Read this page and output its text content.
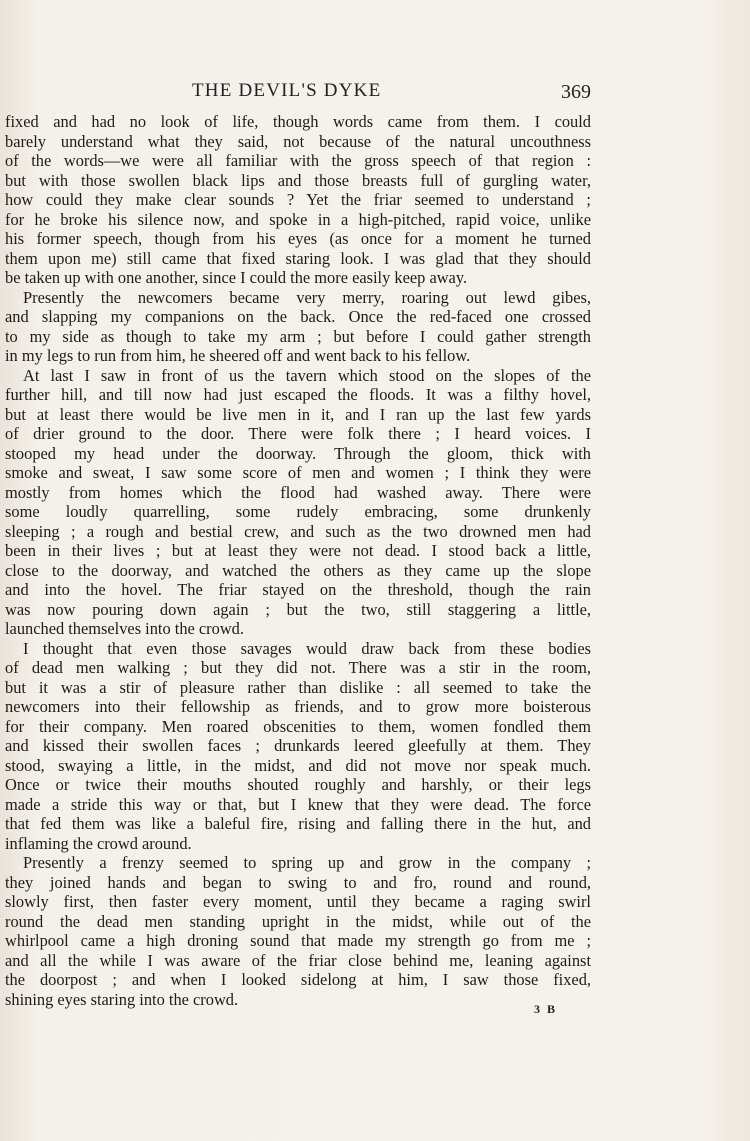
THE DEVIL'S DYKE	369
fixed and had no look of life, though words came from them. I could
barely understand what they said, not because of the natural uncouthness
of the words—we were all familiar with the gross speech of that region :
but with those swollen black lips and those breasts full of gurgling water,
how could they make clear sounds ? Yet the friar seemed to understand ;
for he broke his silence now, and spoke in a high-pitched, rapid voice, unlike
his former speech, though from his eyes (as once for a moment he turned
them upon me) still came that fixed staring look. I was glad that they should
be taken up with one another, since I could the more easily keep away.
Presently the newcomers became very merry, roaring out lewd gibes,
and slapping my companions on the back. Once the red-faced one crossed
to my side as though to take my arm ; but before I could gather strength
in my legs to run from him, he sheered off and went back to his fellow.
At last I saw in front of us the tavern which stood on the slopes of the
further hill, and till now had just escaped the floods. It was a filthy hovel,
but at least there would be live men in it, and I ran up the last few yards
of drier ground to the door. There were folk there ; I heard voices. I
stooped my head under the doorway. Through the gloom, thick with
smoke and sweat, I saw some score of men and women ; I think they were
mostly from homes which the flood had washed away. There were
some loudly quarrelling, some rudely embracing, some drunkenly
sleeping ; a rough and bestial crew, and such as the two drowned men had
been in their lives ; but at least they were not dead. I stood back a little,
close to the doorway, and watched the others as they came up the slope
and into the hovel. The friar stayed on the threshold, though the rain
was now pouring down again ; but the two, still staggering a little,
launched themselves into the crowd.
I thought that even those savages would draw back from these bodies
of dead men walking ; but they did not. There was a stir in the room,
but it was a stir of pleasure rather than dislike : all seemed to take the
newcomers into their fellowship as friends, and to grow more boisterous
for their company. Men roared obscenities to them, women fondled them
and kissed their swollen faces ; drunkards leered gleefully at them. They
stood, swaying a little, in the midst, and did not move nor speak much.
Once or twice their mouths shouted roughly and harshly, or their legs
made a stride this way or that, but I knew that they were dead. The force
that fed them was like a baleful fire, rising and falling there in the hut, and
inflaming the crowd around.
Presently a frenzy seemed to spring up and grow in the company ;
they joined hands and began to swing to and fro, round and round,
slowly first, then faster every moment, until they became a raging swirl
round the dead men standing upright in the midst, while out of the
whirlpool came a high droning sound that made my strength go from me ;
and all the while I was aware of the friar close behind me, leaning against
the doorpost ; and when I looked sidelong at him, I saw those fixed,
shining eyes staring into the crowd.
3 B
